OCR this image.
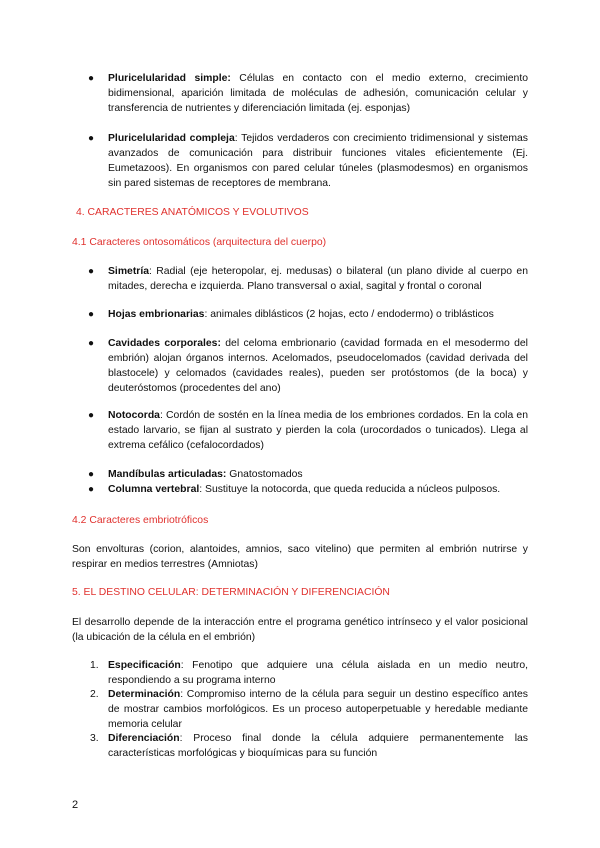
● Pluricelularidad simple: Células en contacto con el medio externo, crecimiento bidimensional, aparición limitada de moléculas de adhesión, comunicación celular y transferencia de nutrientes y diferenciación limitada (ej. esponjas)
● Pluricelularidad compleja: Tejidos verdaderos con crecimiento tridimensional y sistemas avanzados de comunicación para distribuir funciones vitales eficientemente (Ej. Eumetazoos). En organismos con pared celular túneles (plasmodesmos) en organismos sin pared sistemas de receptores de membrana.
4. CARACTERES ANATÓMICOS Y EVOLUTIVOS
4.1 Caracteres ontosomáticos (arquitectura del cuerpo)
● Simetría: Radial (eje heteropolar, ej. medusas) o bilateral (un plano divide al cuerpo en mitades, derecha e izquierda. Plano transversal o axial, sagital y frontal o coronal
● Hojas embrionarias: animales diblásticos (2 hojas, ecto / endodermo) o triblásticos
● Cavidades corporales: del celoma embrionario (cavidad formada en el mesodermo del embrión) alojan órganos internos. Acelomados, pseudocelomados (cavidad derivada del blastocele) y celomados (cavidades reales), pueden ser protóstomos (de la boca) y deuteróstomos (procedentes del ano)
● Notocorda: Cordón de sostén en la línea media de los embriones cordados. En la cola en estado larvario, se fijan al sustrato y pierden la cola (urocordados o tunicados). Llega al extrema cefálico (cefalocordados)
● Mandíbulas articuladas: Gnatostomados
● Columna vertebral: Sustituye la notocorda, que queda reducida a núcleos pulposos.
4.2 Caracteres embriotróficos
Son envolturas (corion, alantoides, amnios, saco vitelino) que permiten al embrión nutrirse y respirar en medios terrestres (Amniotas)
5. EL DESTINO CELULAR: DETERMINACIÓN Y DIFERENCIACIÓN
El desarrollo depende de la interacción entre el programa genético intrínseco y el valor posicional (la ubicación de la célula en el embrión)
1. Especificación: Fenotipo que adquiere una célula aislada en un medio neutro, respondiendo a su programa interno
2. Determinación: Compromiso interno de la célula para seguir un destino específico antes de mostrar cambios morfológicos. Es un proceso autoperpetuable y heredable mediante memoria celular
3. Diferenciación: Proceso final donde la célula adquiere permanentemente las características morfológicas y bioquímicas para su función
2
